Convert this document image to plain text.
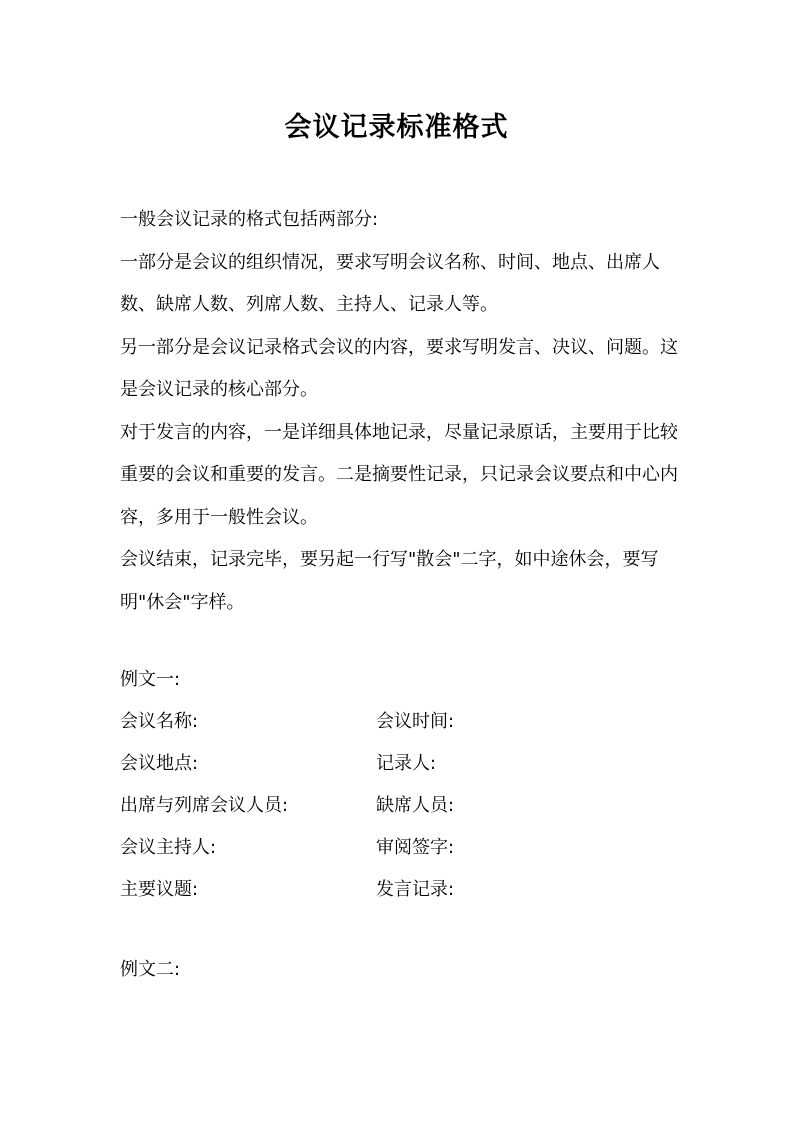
会议记录标准格式

一般会议记录的格式包括两部分:

一部分是会议的组织情况，要求写明会议名称、时间、地点、出席人数、缺席人数、列席人数、主持人、记录人等。

另一部分是会议记录格式会议的内容，要求写明发言、决议、问题。这是会议记录的核心部分。

对于发言的内容，一是详细具体地记录，尽量记录原话，主要用于比较重要的会议和重要的发言。二是摘要性记录，只记录会议要点和中心内容，多用于一般性会议。

会议结束，记录完毕，要另起一行写"散会"二字，如中途休会，要写明"休会"字样。

例文一:
会议名称:	会议时间:
会议地点:	记录人:
出席与列席会议人员:	缺席人员:
会议主持人:	审阅签字:
主要议题:	发言记录:
例文二:
